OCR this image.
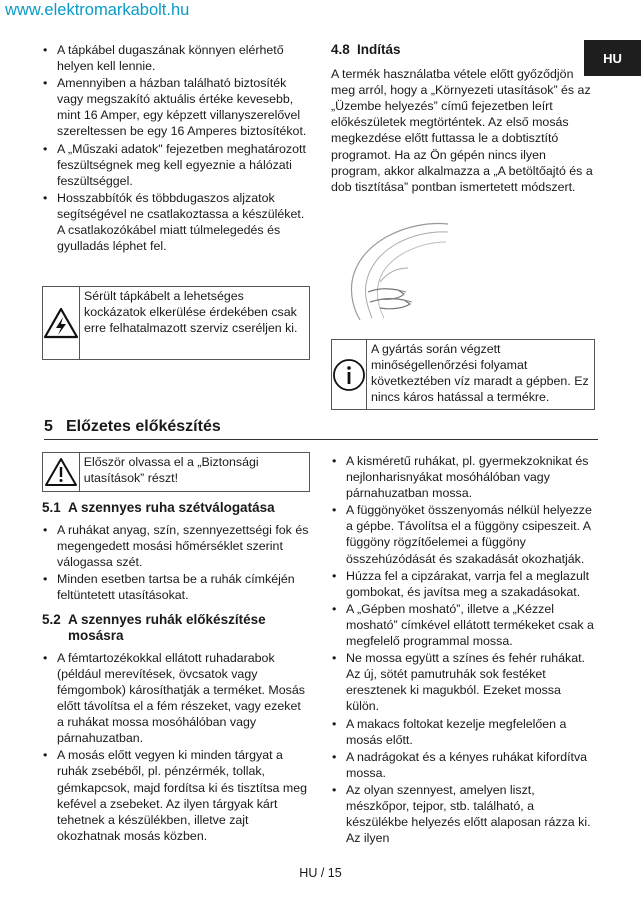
www.elektromarkabolt.hu
HU
• A tápkábel dugaszának könnyen elérhető helyen kell lennie.
• Amennyiben a házban található biztosíték vagy megszakító aktuális értéke kevesebb, mint 16 Amper, egy képzett villanyszerelővel szereltessen be egy 16 Amperes biztosítékot.
• A „Műszaki adatok" fejezetben meghatározott feszültségnek meg kell egyeznie a hálózati feszültséggel.
• Hosszabbítók és többdugaszos aljzatok segítségével ne csatlakoztassa a készüléket. A csatlakozókábel miatt túlmelegedés és gyulladás léphet fel.
Sérült tápkábelt a lehetséges kockázatok elkerülése érdekében csak erre felhatalmazott szerviz cseréljen ki.
4.8 Indítás

A termék használatba vétele előtt győződjön meg arról, hogy a „Környezeti utasítások” és az „Üzembe helyezés” című fejezetben leírt előkészületek megtörténtek. Az első mosás megkezdése előtt futtassa le a dobtisztító programot. Ha az Ön gépén nincs ilyen program, akkor alkalmazza a „A betöltőajtó és a dob tisztítása” pontban ismertetett módszert.

A gyártás során végzett minőségellenőrzési folyamat következtében víz maradt a gépben. Ez nincs káros hatással a termékre.
5 Előzetes előkészítés
Először olvassa el a „Biztonsági utasítások” részt!
5.1 A szennyes ruha szétválogatása
• A ruhákat anyag, szín, szennyezettségi fok és megengedett mosási hőmérséklet szerint válogassa szét.
• Minden esetben tartsa be a ruhák címkéjén feltüntetett utasításokat.
5.2 A szennyes ruhák előkészítése mosásra
• A fémtartozékokkal ellátott ruhadarabok (például merevítések, övcsatok vagy fémgombok) károsíthatják a terméket. Mosás előtt távolítsa el a fém részeket, vagy ezeket a ruhákat mossa mosóhálóban vagy párnahuzatban.
• A mosás előtt vegyen ki minden tárgyat a ruhák zsebéből, pl. pénzérmék, tollak, gémkapcsok, majd fordítsa ki és tisztítsa meg kefével a zsebeket. Az ilyen tárgyak kárt tehetnek a készülékben, illetve zajt okozhatnak mosás közben.
• A kisméretű ruhákat, pl. gyermekzoknikat és nejlonharisnyákat mosóhálóban vagy párnahuzatban mossa.
• A függönyöket összenyomás nélkül helyezze a gépbe. Távolítsa el a függöny csipeszeit. A függöny rögzítőelemei a függöny összehúzódását és szakadását okozhatják.
• Húzza fel a cipzárakat, varrja fel a meglazult gombokat, és javítsa meg a szakadásokat.
• A „Gépben mosható”, illetve a „Kézzel mosható” címkével ellátott termékeket csak a megfelelő programmal mossa.
• Ne mossa együtt a színes és fehér ruhákat. Az új, sötét pamutruhák sok festéket eresztenek ki magukból. Ezeket mossa külön.
• A makacs foltokat kezelje megfelelően a mosás előtt.
• A nadrágokat és a kényes ruhákat kifordítva mossa.
• Az olyan szennyest, amelyen liszt, mészkőpor, tejpor, stb. található, a készülékbe helyezés előtt alaposan rázza ki. Az ilyen
HU / 15
